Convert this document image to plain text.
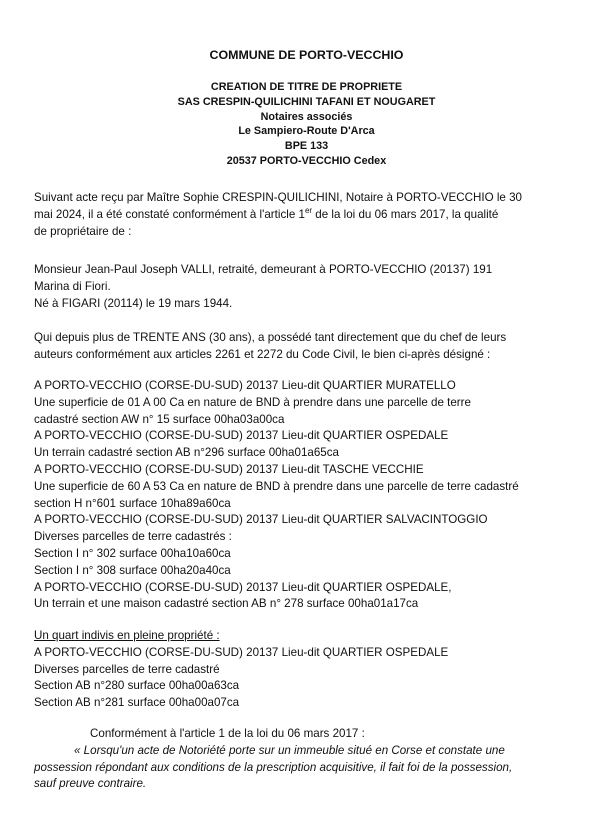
COMMUNE DE PORTO-VECCHIO
CREATION DE TITRE DE PROPRIETE
SAS CRESPIN-QUILICHINI TAFANI ET NOUGARET
Notaires associés
Le Sampiero-Route D'Arca
BPE 133
20537 PORTO-VECCHIO Cedex
Suivant acte reçu par Maître Sophie CRESPIN-QUILICHINI, Notaire à PORTO-VECCHIO le 30
mai 2024, il a été constaté conformément à l'article 1er de la loi du 06 mars 2017, la qualité
de propriétaire de :
Monsieur Jean-Paul Joseph VALLI, retraité, demeurant à PORTO-VECCHIO (20137) 191
Marina di Fiori.
Né à FIGARI (20114) le 19 mars 1944.
Qui depuis plus de TRENTE ANS (30 ans), a possédé tant directement que du chef de leurs
auteurs conformément aux articles 2261 et 2272 du Code Civil, le bien ci-après désigné :
A PORTO-VECCHIO (CORSE-DU-SUD) 20137 Lieu-dit QUARTIER MURATELLO
Une superficie de 01 A 00 Ca en nature de BND à prendre dans une parcelle de terre
cadastré section AW n° 15 surface 00ha03a00ca
A PORTO-VECCHIO (CORSE-DU-SUD) 20137 Lieu-dit QUARTIER OSPEDALE
Un terrain cadastré section AB n°296 surface 00ha01a65ca
A PORTO-VECCHIO (CORSE-DU-SUD) 20137 Lieu-dit TASCHE VECCHIE
Une superficie de 60 A 53 Ca en nature de BND à prendre dans une parcelle de terre cadastré
section H n°601 surface 10ha89a60ca
A PORTO-VECCHIO (CORSE-DU-SUD) 20137 Lieu-dit QUARTIER SALVACINTOGGIO
Diverses parcelles de terre cadastrés :
Section I n° 302 surface 00ha10a60ca
Section I n° 308 surface 00ha20a40ca
A PORTO-VECCHIO (CORSE-DU-SUD) 20137 Lieu-dit QUARTIER OSPEDALE,
Un terrain et une maison cadastré section AB n° 278 surface 00ha01a17ca
Un quart indivis en pleine propriété :
A PORTO-VECCHIO (CORSE-DU-SUD) 20137 Lieu-dit QUARTIER OSPEDALE
Diverses parcelles de terre cadastré
Section AB n°280 surface 00ha00a63ca
Section AB n°281 surface 00ha00a07ca
Conformément à l'article 1 de la loi du 06 mars 2017 :
« Lorsqu'un acte de Notoriété porte sur un immeuble situé en Corse et constate une
possession répondant aux conditions de la prescription acquisitive, il fait foi de la possession,
sauf preuve contraire.
